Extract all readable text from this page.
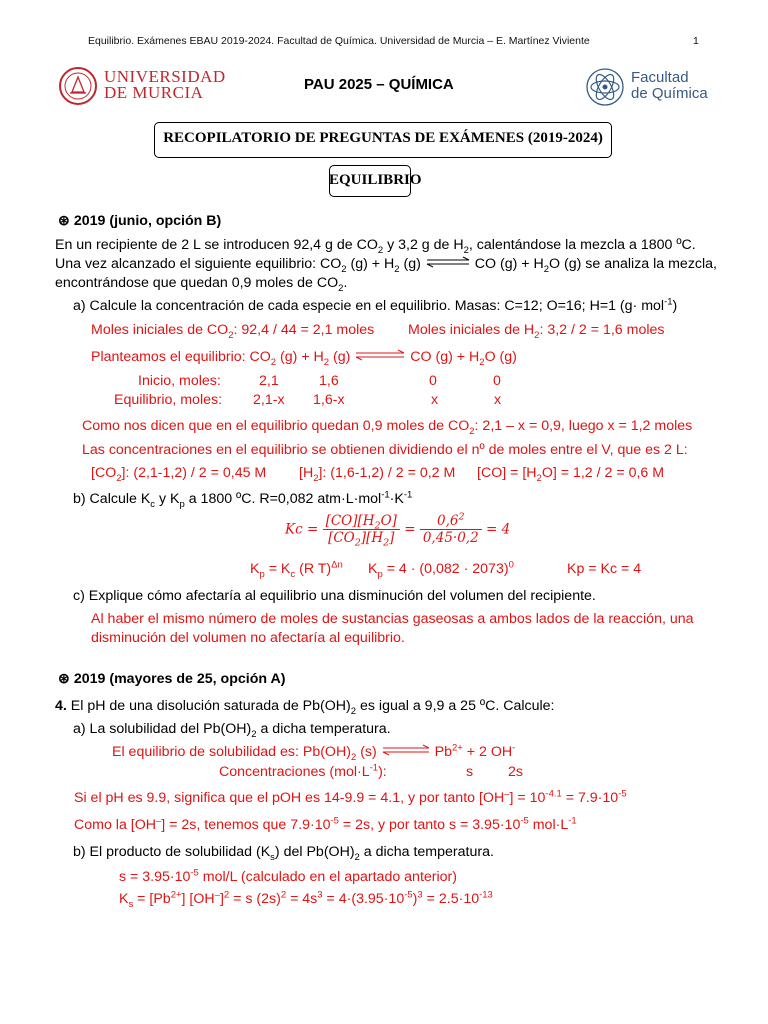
Equilibrio. Exámenes EBAU 2019-2024. Facultad de Química. Universidad de Murcia – E. Martínez Viviente	1
UNIVERSIDAD
DE MURCIA	PAU 2025 – QUÍMICA	Facultad
de Química
RECOPILATORIO DE PREGUNTAS DE EXÁMENES (2019-2024)
EQUILIBRIO
⊛ 2019 (junio, opción B)
En un recipiente de 2 L se introducen 92,4 g de $CO_2$ y 3,2 g de $H_2$, calentándose la mezcla a 1800 ºC.
Una vez alcanzado el siguiente equilibrio: $CO_2$ $(g) + H_2$ (g) ⇌ CO $(g) + H_2O$ (g) se analiza la mezcla,
encontrándose que quedan 0,9 moles de $CO_2$.
a) Calcule la concentración de cada especie en el equilibrio. Masas: C=12; O=16; H=1 (g· mol$^{-1}$)
Moles iniciales de $CO_2$: 92,4 / 44 = 2,1 moles Moles iniciales de $H_2$: 3,2 / 2 = 1,6 moles
Planteamos el equilibrio: $CO_2$ $(g) + H_2$ (g) ⇌ CO $(g) + H_2O$ (g)
Inicio, moles:	2,1	1,6	0	0
Equilibrio, moles: 2,1-x 1,6-x	x	x
Como nos dicen que en el equilibrio quedan 0,9 moles de $CO_2$: 2,1 – x = 0,9, luego x = 1,2 moles
Las concentraciones en el equilibrio se obtienen dividiendo el nº de moles entre el V, que es 2 L:
$[CO_2]$: (2,1-1,2) / 2 = 0,45 M $[H_2]$: (1,6-1,2) / 2 = 0,2 M $[CO] = [H_2O] = 1,2 / 2 = 0,6$ M
b) Calcule $K_c$ y $K_p$ a 1800 ºC. R=0,082 $atm\cdot L\cdot mol^{-1}\cdot K^{-1}$
$Kc = \frac{[CO][H_2O]}{[CO_2][H_2]} = \frac{0,6^2}{0,45\cdot 0,2} = 4$
$K_p = K_c$ (R T)$^{\Delta n}$ $K_p = 4 \cdot (0,082 \cdot 2073)^0$	Kp = Kc = 4
c) Explique cómo afectaría al equilibrio una disminución del volumen del recipiente.
Al haber el mismo número de moles de sustancias gaseosas a ambos lados de la reacción, una
disminución del volumen no afectaría al equilibrio.
⊛ 2019 (mayores de 25, opción A)
4. El pH de una disolución saturada de $Pb(OH)_2$ es igual a 9,9 a 25 ºC. Calcule:
a) La solubilidad del $Pb(OH)_2$ a dicha temperatura.
El equilibrio de solubilidad es: $Pb(OH)_2$ (s) ⇌ $Pb^{2+} + 2$ OH-
Concentraciones $(mol\cdot L^{-1})$:	s 2s
Si el pH es 9.9, significa que el pOH es 14-9.9 = 4.1, y por tanto $[OH^-] = 10^{-4.1} = 7.9\cdot 10^{-5}$
Como la [OH–] = 2s, tenemos que $7.9\cdot 10^{-5} = 2s$, y por tanto $s = 3.95\cdot 10^{-5}$ $mol\cdot L^{-1}$
b) El producto de solubilidad $(K_s)$ del $Pb(OH)_2$ a dicha temperatura.
$s = 3.95\cdot 10^{-5}$ mol/L (calculado en el apartado anterior)
$K_s = [Pb^{2+}] [OH^-]^2 = s$ $(2s)^2 = 4s^3 = 4\cdot(3.95\cdot 10^{-5})^3 = 2.5\cdot 10^{-13}$
